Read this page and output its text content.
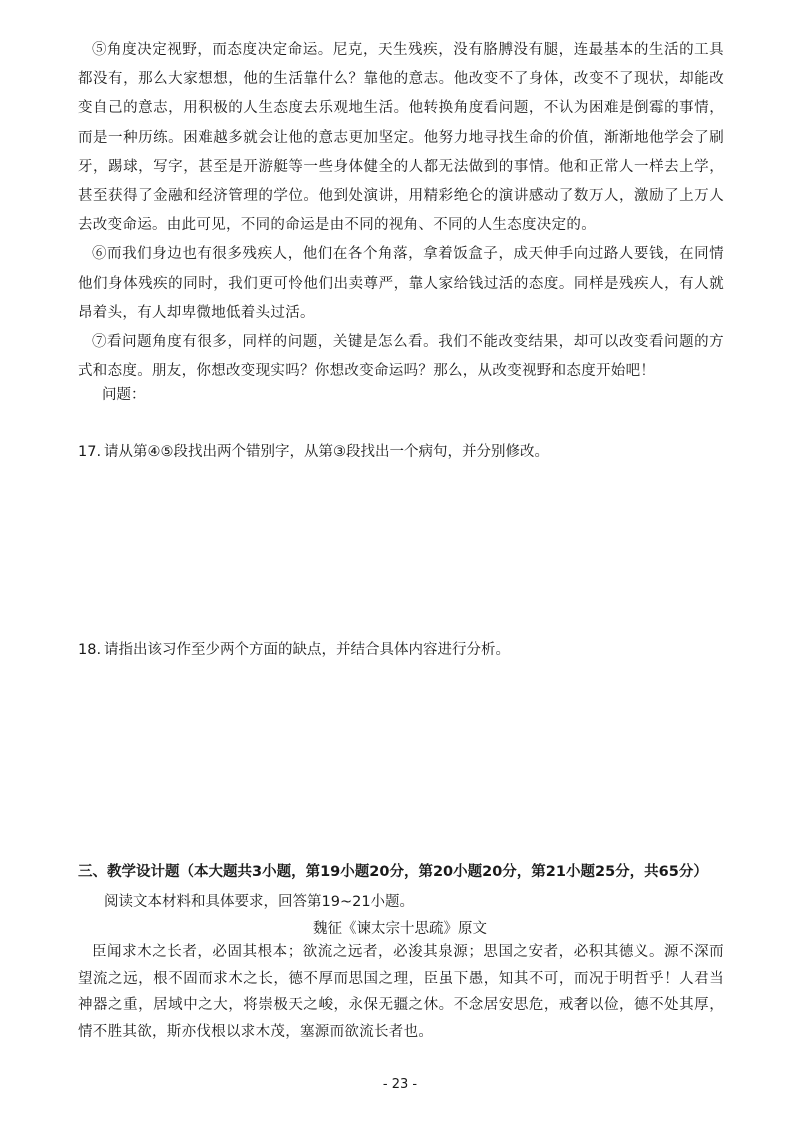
⑤角度决定视野，而态度决定命运。尼克，天生残疾，没有胳膊没有腿，连最基本的生活的工具都没有，那么大家想想，他的生活靠什么？靠他的意志。他改变不了身体，改变不了现状，却能改变自己的意志，用积极的人生态度去乐观地生活。他转换角度看问题，不认为困难是倒霉的事情，而是一种历练。困难越多就会让他的意志更加坚定。他努力地寻找生命的价值，渐渐地他学会了刷牙，踢球，写字，甚至是开游艇等一些身体健全的人都无法做到的事情。他和正常人一样去上学，甚至获得了金融和经济管理的学位。他到处演讲，用精彩绝仑的演讲感动了数万人，激励了上万人去改变命运。由此可见，不同的命运是由不同的视角、不同的人生态度决定的。

⑥而我们身边也有很多残疾人，他们在各个角落，拿着饭盒子，成天伸手向过路人要钱，在同情他们身体残疾的同时，我们更可怜他们出卖尊严，靠人家给钱过活的态度。同样是残疾人，有人就昂着头，有人却卑微地低着头过活。

⑦看问题角度有很多，同样的问题，关键是怎么看。我们不能改变结果，却可以改变看问题的方式和态度。朋友，你想改变现实吗？你想改变命运吗？那么，从改变视野和态度开始吧！

问题：
17. 请从第④⑤段找出两个错别字，从第③段找出一个病句，并分别修改。
18. 请指出该习作至少两个方面的缺点，并结合具体内容进行分析。
三、教学设计题（本大题共3小题，第19小题20分，第20小题20分，第21小题25分，共65分）
阅读文本材料和具体要求，回答第19~21小题。
魏征《谏太宗十思疏》原文

臣闻求木之长者，必固其根本；欲流之远者，必浚其泉源；思国之安者，必积其德义。源不深而望流之远，根不固而求木之长，德不厚而思国之理，臣虽下愚，知其不可，而况于明哲乎！人君当神器之重，居域中之大，将崇极天之峻，永保无疆之休。不念居安思危，戒奢以俭，德不处其厚，情不胜其欲，斯亦伐根以求木茂，塞源而欲流长者也。

- 23 -
